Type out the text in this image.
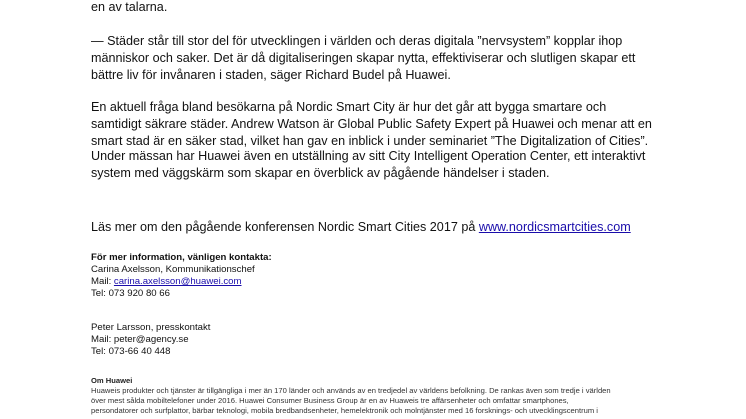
en av talarna.

— Städer står till stor del för utvecklingen i världen och deras digitala ”nervsystem” kopplar ihop
människor och saker. Det är då digitaliseringen skapar nytta, effektiviserar och slutligen skapar ett
bättre liv för invånaren i staden, säger Richard Budel på Huawei.

En aktuell fråga bland besökarna på Nordic Smart City är hur det går att bygga smartare och
samtidigt säkrare städer. Andrew Watson är Global Public Safety Expert på Huawei och menar att en
smart stad är en säker stad, vilket han gav en inblick i under seminariet ”The Digitalization of Cities”.

Under mässan har Huawei även en utställning av sitt City Intelligent Operation Center, ett interaktivt
system med väggskärm som skapar en överblick av pågående händelser i staden.

Läs mer om den pågående konferensen Nordic Smart Cities 2017 på www.nordicsmartcities.com

För mer information, vänligen kontakta:
Carina Axelsson, Kommunikationschef
Mail: carina.axelsson@huawei.com
Tel: 073 920 80 66
Peter Larsson, presskontakt
Mail: peter@agency.se
Tel: 073-66 40 448
Om Huawei
Huaweis produkter och tjänster är tillgängliga i mer än 170 länder och används av en tredjedel av världens befolkning. De rankas även som tredje i världen
över mest sålda mobiltelefoner under 2016. Huawei Consumer Business Group är en av Huaweis tre affärsenheter och omfattar smartphones,
persondatorer och surfplattor, bärbar teknologi, mobila bredbandsenheter, hemelektronik och molntjänster med 16 forsknings- och utvecklingscentrum i
